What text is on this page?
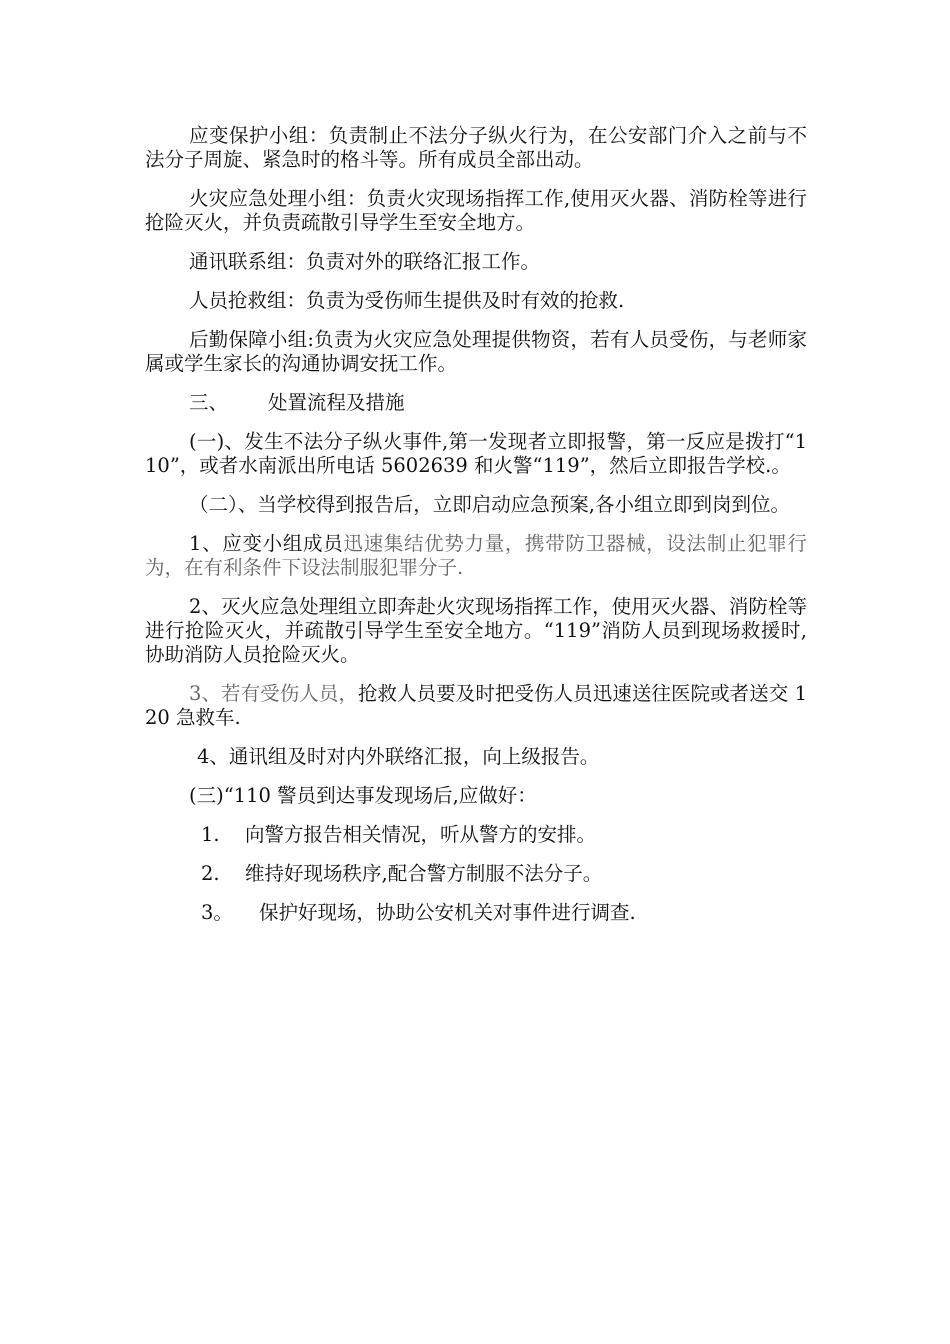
应变保护小组：负责制止不法分子纵火行为，在公安部门介入之前与不法分子周旋、紧急时的格斗等。所有成员全部出动。

火灾应急处理小组：负责火灾现场指挥工作,使用灭火器、消防栓等进行抢险灭火，并负责疏散引导学生至安全地方。

通讯联系组：负责对外的联络汇报工作。

人员抢救组：负责为受伤师生提供及时有效的抢救.

后勤保障小组:负责为火灾应急处理提供物资，若有人员受伤，与老师家属或学生家长的沟通协调安抚工作。

三、 处置流程及措施

(一)、发生不法分子纵火事件,第一发现者立即报警，第一反应是拨打“110”，或者水南派出所电话 5602639 和火警“119”，然后立即报告学校.。

（二）、当学校得到报告后，立即启动应急预案,各小组立即到岗到位。

1、应变小组成员迅速集结优势力量，携带防卫器械，设法制止犯罪行为，在有利条件下设法制服犯罪分子.

2、灭火应急处理组立即奔赴火灾现场指挥工作，使用灭火器、消防栓等进行抢险灭火，并疏散引导学生至安全地方。“119”消防人员到现场救援时,协助消防人员抢险灭火。

3、若有受伤人员，抢救人员要及时把受伤人员迅速送往医院或者送交 120 急救车.

4、通讯组及时对内外联络汇报，向上级报告。

(三)“110 警员到达事发现场后,应做好：

1. 向警方报告相关情况，听从警方的安排。

2. 维持好现场秩序,配合警方制服不法分子。

3。 保护好现场，协助公安机关对事件进行调查.
